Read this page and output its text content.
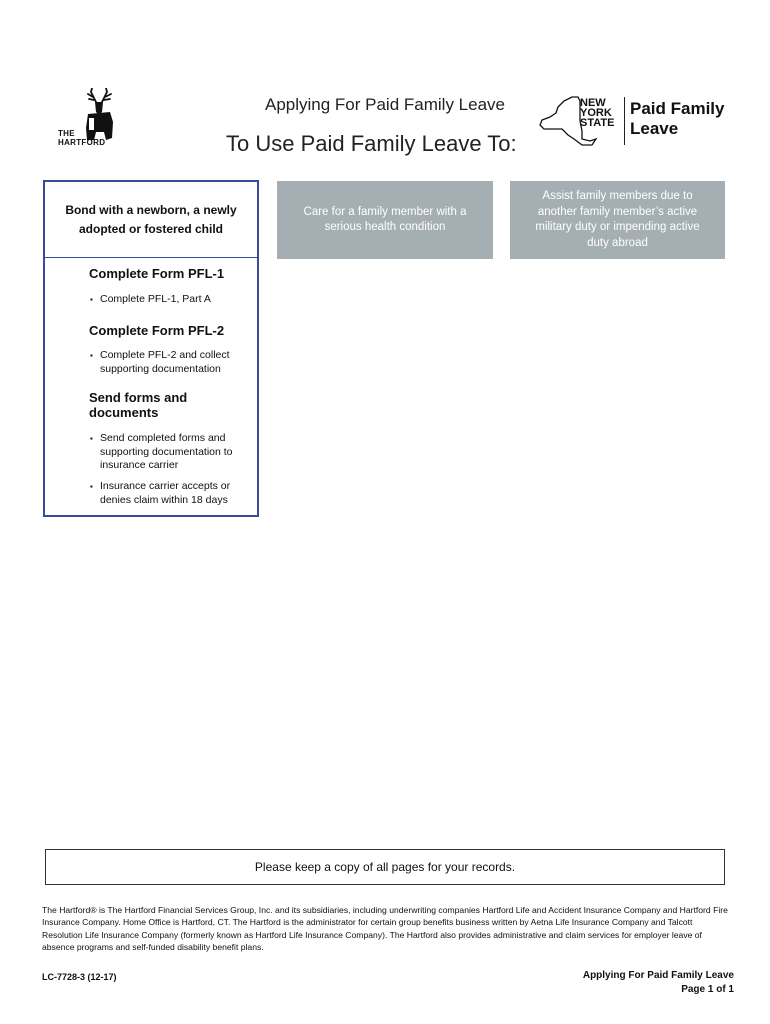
THE
HARTFORD
Applying For Paid Family Leave
To Use Paid Family Leave To:
NEW
YORK
STATE
Paid Family
Leave
Bond with a newborn, a newly adopted or fostered child
Complete Form PFL-1
▪ Complete PFL-1, Part A
Complete Form PFL-2
▪ Complete PFL-2 and collect supporting documentation
Send forms and documents
▪ Send completed forms and supporting documentation to insurance carrier
▪ Insurance carrier accepts or denies claim within 18 days
Care for a family member with a serious health condition
Assist family members due to another family member’s active military duty or impending active duty abroad
Please keep a copy of all pages for your records.
The Hartford® is The Hartford Financial Services Group, Inc. and its subsidiaries, including underwriting companies Hartford Life and Accident Insurance Company and Hartford Fire Insurance Company. Home Office is Hartford, CT. The Hartford is the administrator for certain group benefits business written by Aetna Life Insurance Company and Talcott Resolution Life Insurance Company (formerly known as Hartford Life Insurance Company). The Hartford also provides administrative and claim services for employer leave of absence programs and self-funded disability benefit plans.
LC-7728-3 (12-17)	Applying For Paid Family Leave
Page 1 of 1
